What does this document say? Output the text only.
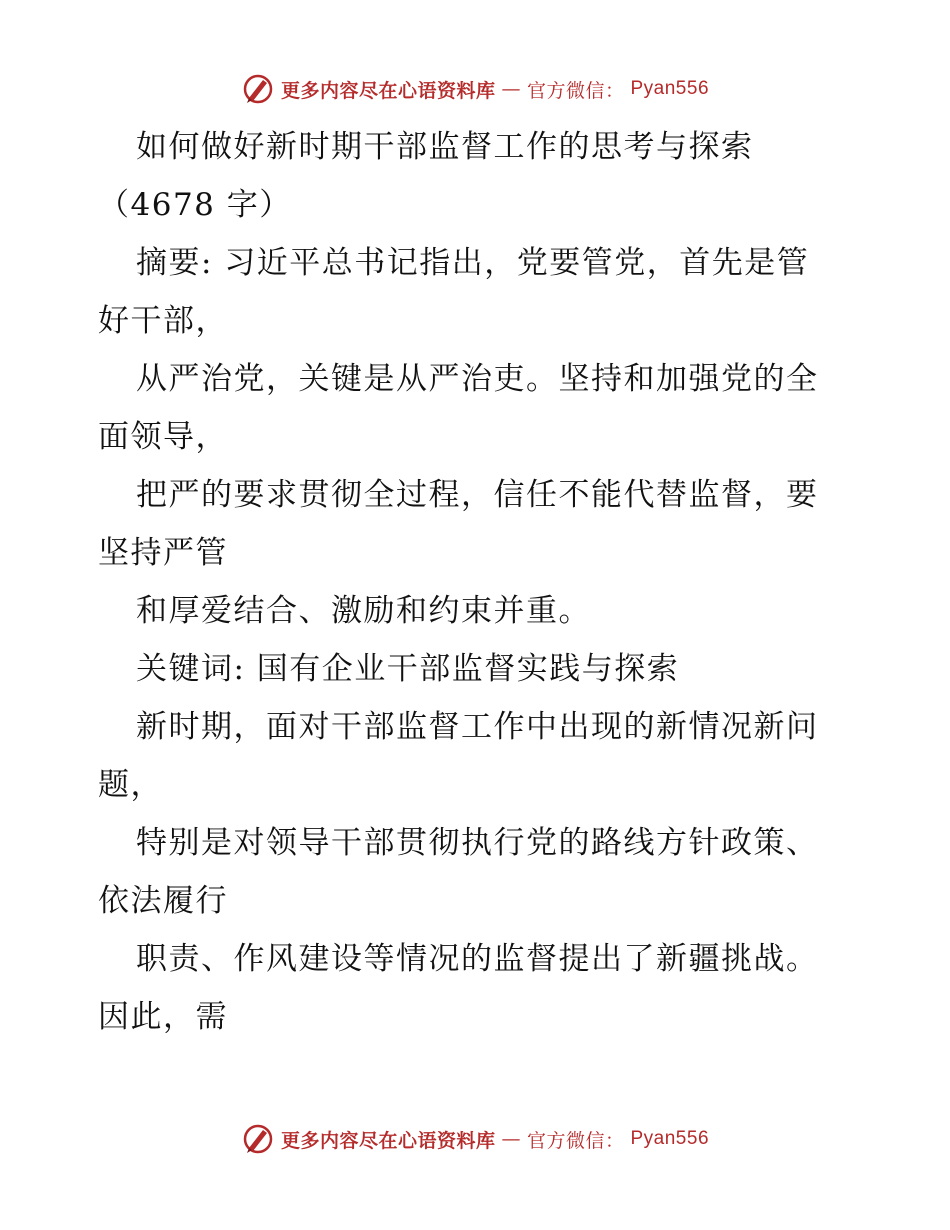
更多内容尽在心语资料库 — 官方微信： Pyan556
如何做好新时期干部监督工作的思考与探索
（4678 字）
摘要: 习近平总书记指出，党要管党，首先是管
好干部，
从严治党，关键是从严治吏。坚持和加强党的全
面领导，
把严的要求贯彻全过程，信任不能代替监督，要
坚持严管
和厚爱结合、激励和约束并重。
关键词: 国有企业干部监督实践与探索
新时期，面对干部监督工作中出现的新情况新问
题，
特别是对领导干部贯彻执行党的路线方针政策、
依法履行
职责、作风建设等情况的监督提出了新疆挑战。
因此，需
更多内容尽在心语资料库 — 官方微信： Pyan556
